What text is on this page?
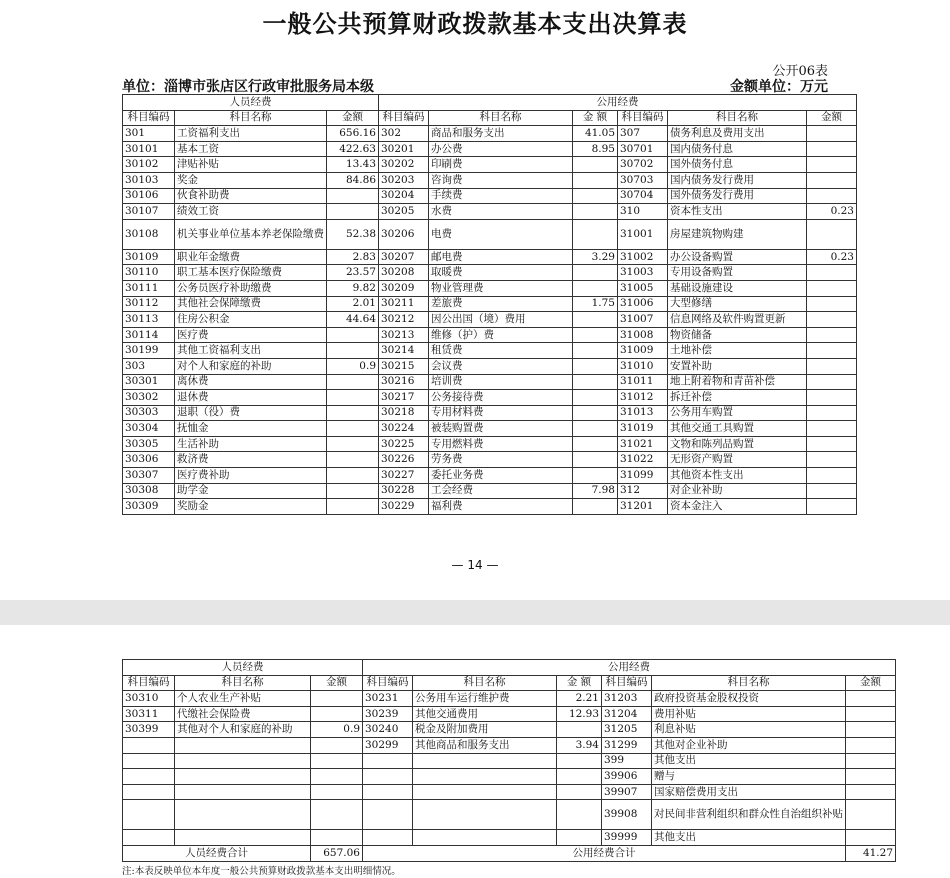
一般公共预算财政拨款基本支出决算表
公开06表
单位：淄博市张店区行政审批服务局本级	金额单位：万元
人员经费			公用经费					
科目编码	科目名称	金额	科目编码	科目名称	金 额	科目编码	科目名称	金额
301	工资福利支出	656.16	302	商品和服务支出	41.05	307	债务利息及费用支出	
30101	基本工资	422.63	30201	办公费	8.95	30701	国内债务付息	
30102	津贴补贴	13.43	30202	印刷费		30702	国外债务付息	
30103	奖金	84.86	30203	咨询费		30703	国内债务发行费用	
30106	伙食补助费		30204	手续费		30704	国外债务发行费用	
30107	绩效工资		30205	水费		310	资本性支出	0.23
30108	机关事业单位基本养老保险缴费	52.38	30206	电费		31001	房屋建筑物购建	
30109	职业年金缴费	2.83	30207	邮电费	3.29	31002	办公设备购置	0.23
30110	职工基本医疗保险缴费	23.57	30208	取暖费		31003	专用设备购置	
30111	公务员医疗补助缴费	9.82	30209	物业管理费		31005	基础设施建设	
30112	其他社会保障缴费	2.01	30211	差旅费	1.75	31006	大型修缮	
30113	住房公积金	44.64	30212	因公出国（境）费用		31007	信息网络及软件购置更新	
30114	医疗费		30213	维修（护）费		31008	物资储备	
30199	其他工资福利支出		30214	租赁费		31009	土地补偿	
303	对个人和家庭的补助	0.9	30215	会议费		31010	安置补助	
30301	离休费		30216	培训费		31011	地上附着物和青苗补偿	
30302	退休费		30217	公务接待费		31012	拆迁补偿	
30303	退职（役）费		30218	专用材料费		31013	公务用车购置	
30304	抚恤金		30224	被装购置费		31019	其他交通工具购置	
30305	生活补助		30225	专用燃料费		31021	文物和陈列品购置	
30306	救济费		30226	劳务费		31022	无形资产购置	
30307	医疗费补助		30227	委托业务费		31099	其他资本性支出	
30308	助学金		30228	工会经费	7.98	312	对企业补助	
30309	奖励金		30229	福利费		31201	资本金注入	
— 14 —
人员经费			公用经费					
科目编码	科目名称	金额	科目编码	科目名称	金 额	科目编码	科目名称	金额
30310	个人农业生产补贴		30231	公务用车运行维护费	2.21	31203	政府投资基金股权投资	
30311	代缴社会保险费		30239	其他交通费用	12.93	31204	费用补贴	
30399	其他对个人和家庭的补助	0.9	30240	税金及附加费用		31205	利息补贴	
			30299	其他商品和服务支出	3.94	31299	其他对企业补助	
						399	其他支出	
						39906	赠与	
						39907	国家赔偿费用支出	
						39908	对民间非营利组织和群众性自治组织补贴	
						39999	其他支出	
人员经费合计		657.06	公用经费合计					41.27
注:本表反映单位本年度一般公共预算财政拨款基本支出明细情况。
